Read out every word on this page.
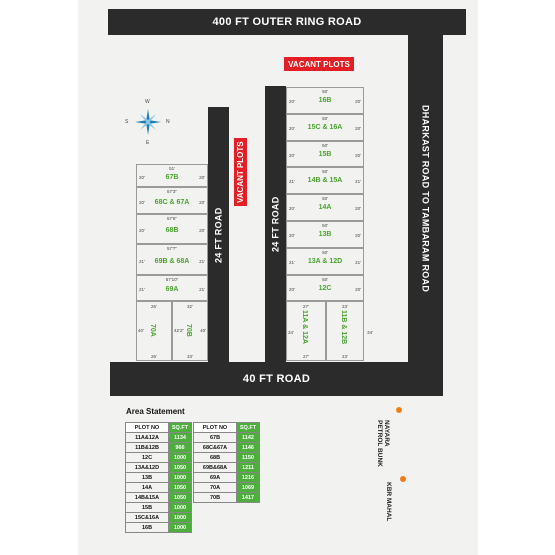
400 FT OUTER RING ROAD
40 FT ROAD
24 FT ROAD	24 FT ROAD	DHARKAST ROAD TO TAMBARAM ROAD
VACANT PLOTS
VACANT PLOTS
W
S	N
E
51'
67B
20'	20'
57'3"
68C & 67A
20'	20'
57'6"
68B
20'	20'
57'7"
69B & 68A
21'	21'
57'10"
69A
21'	21'
50'
16B
20'	20'
50'
15C & 16A
20'	20'
50'
15B
20'	20'
50'
14B & 15A
21'	21'
50'
14A
20'	20'
50'
13B
20'	20'
50'
13A & 12D
21'	21'
50'
12C
20'	20'
70A
26'
26'
40'	70B
32'
33'
42'2"	40'	11A & 12A
27'
27'
34'	11B & 12B
23'
23'
34'
Area Statement
PLOT NO	SQ.FT
11A&12A	1134
11B&12B	966
12C	1000
13A&12D	1050
13B	1000
14A	1050
14B&15A	1050
15B	1000
15C&16A	1000
16B	1000
PLOT NO	SQ.FT
67B	1142
68C&67A	1146
68B	1150
69B&68A	1211
69A	1216
70A	1069
70B	1417
NAYARA PETROL BUNK
KBR MAHAL
